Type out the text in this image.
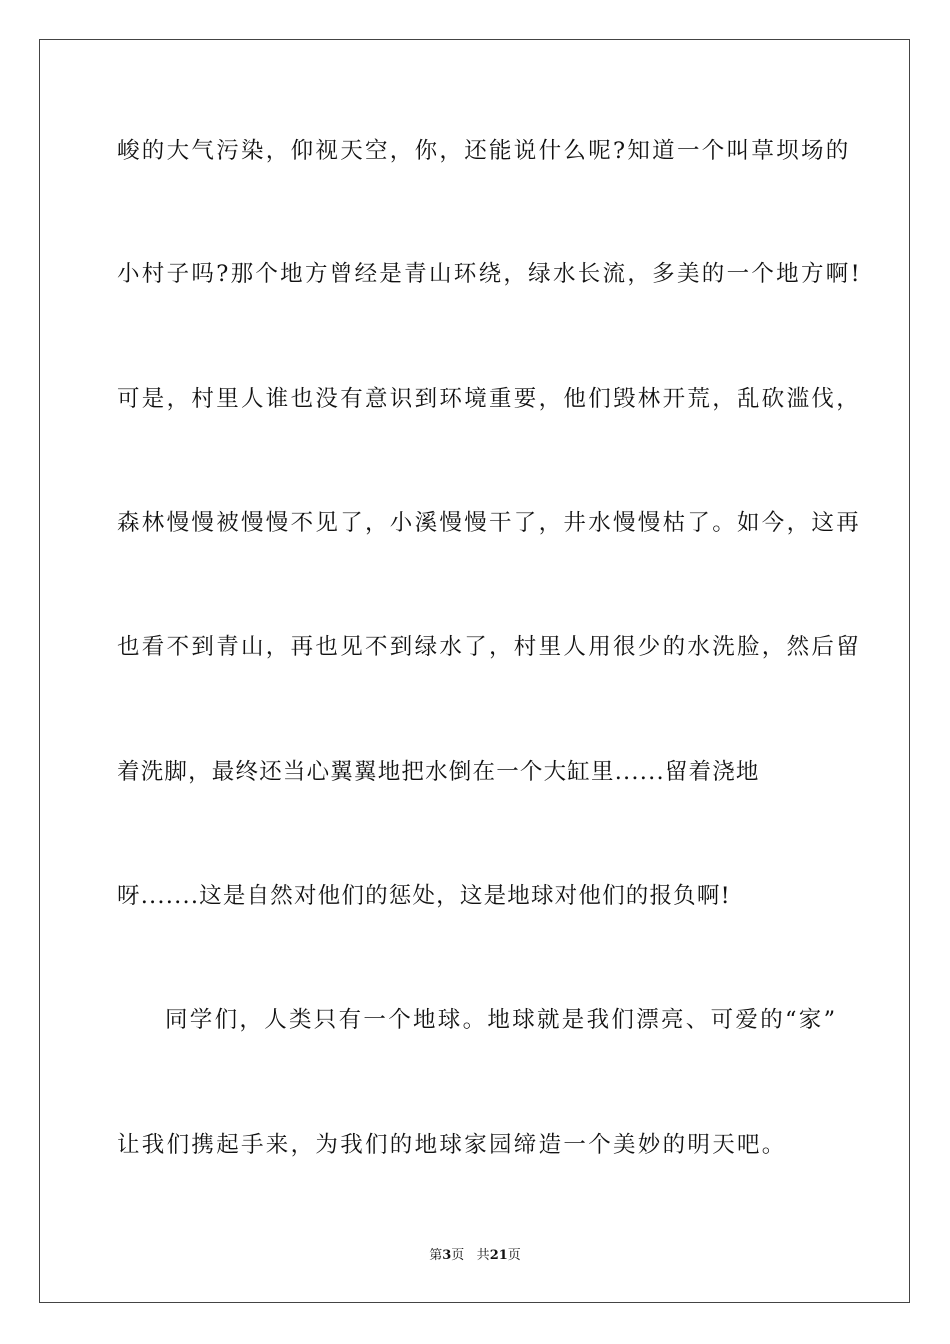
峻的大气污染，仰视天空，你，还能说什么呢?知道一个叫草坝场的
小村子吗?那个地方曾经是青山环绕，绿水长流，多美的一个地方啊!
可是，村里人谁也没有意识到环境重要，他们毁林开荒，乱砍滥伐，
森林慢慢被慢慢不见了，小溪慢慢干了，井水慢慢枯了。如今，这再
也看不到青山，再也见不到绿水了，村里人用很少的水洗脸，然后留
着洗脚，最终还当心翼翼地把水倒在一个大缸里......留着浇地
呀.......这是自然对他们的惩处，这是地球对他们的报负啊!
同学们，人类只有一个地球。地球就是我们漂亮、可爱的“家”
让我们携起手来，为我们的地球家园缔造一个美妙的明天吧。
第3页 共21页
